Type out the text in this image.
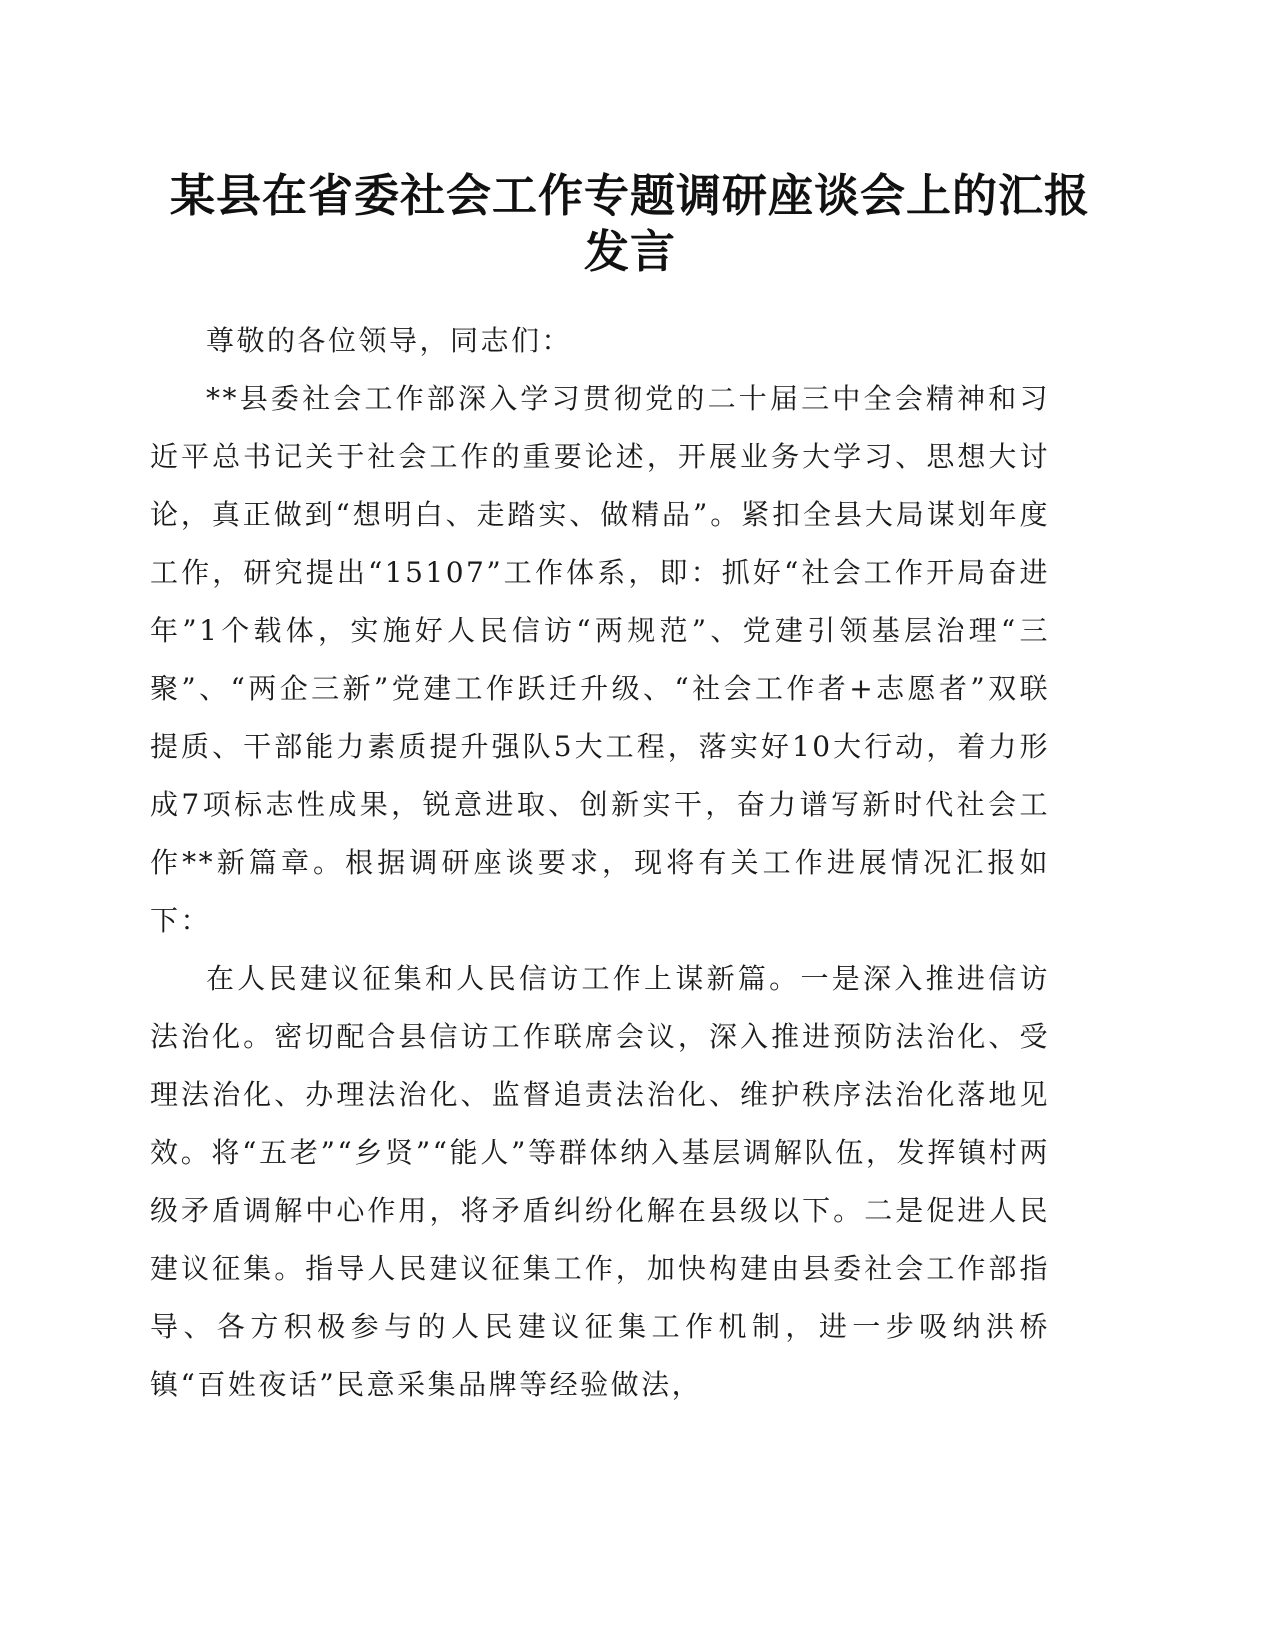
某县在省委社会工作专题调研座谈会上的汇报发言

尊敬的各位领导，同志们：

**县委社会工作部深入学习贯彻党的二十届三中全会精神和习近平总书记关于社会工作的重要论述，开展业务大学习、思想大讨论，真正做到“想明白、走踏实、做精品”。紧扣全县大局谋划年度工作，研究提出“15107”工作体系，即：抓好“社会工作开局奋进年”1个载体，实施好人民信访“两规范”、党建引领基层治理“三聚”、“两企三新”党建工作跃迁升级、“社会工作者+志愿者”双联提质、干部能力素质提升强队5大工程，落实好10大行动，着力形成7项标志性成果，锐意进取、创新实干，奋力谱写新时代社会工作**新篇章。根据调研座谈要求，现将有关工作进展情况汇报如下：

在人民建议征集和人民信访工作上谋新篇。一是深入推进信访法治化。密切配合县信访工作联席会议，深入推进预防法治化、受理法治化、办理法治化、监督追责法治化、维护秩序法治化落地见效。将“五老”“乡贤”“能人”等群体纳入基层调解队伍，发挥镇村两级矛盾调解中心作用，将矛盾纠纷化解在县级以下。二是促进人民建议征集。指导人民建议征集工作，加快构建由县委社会工作部指导、各方积极参与的人民建议征集工作机制，进一步吸纳洪桥镇“百姓夜话”民意采集品牌等经验做法，
